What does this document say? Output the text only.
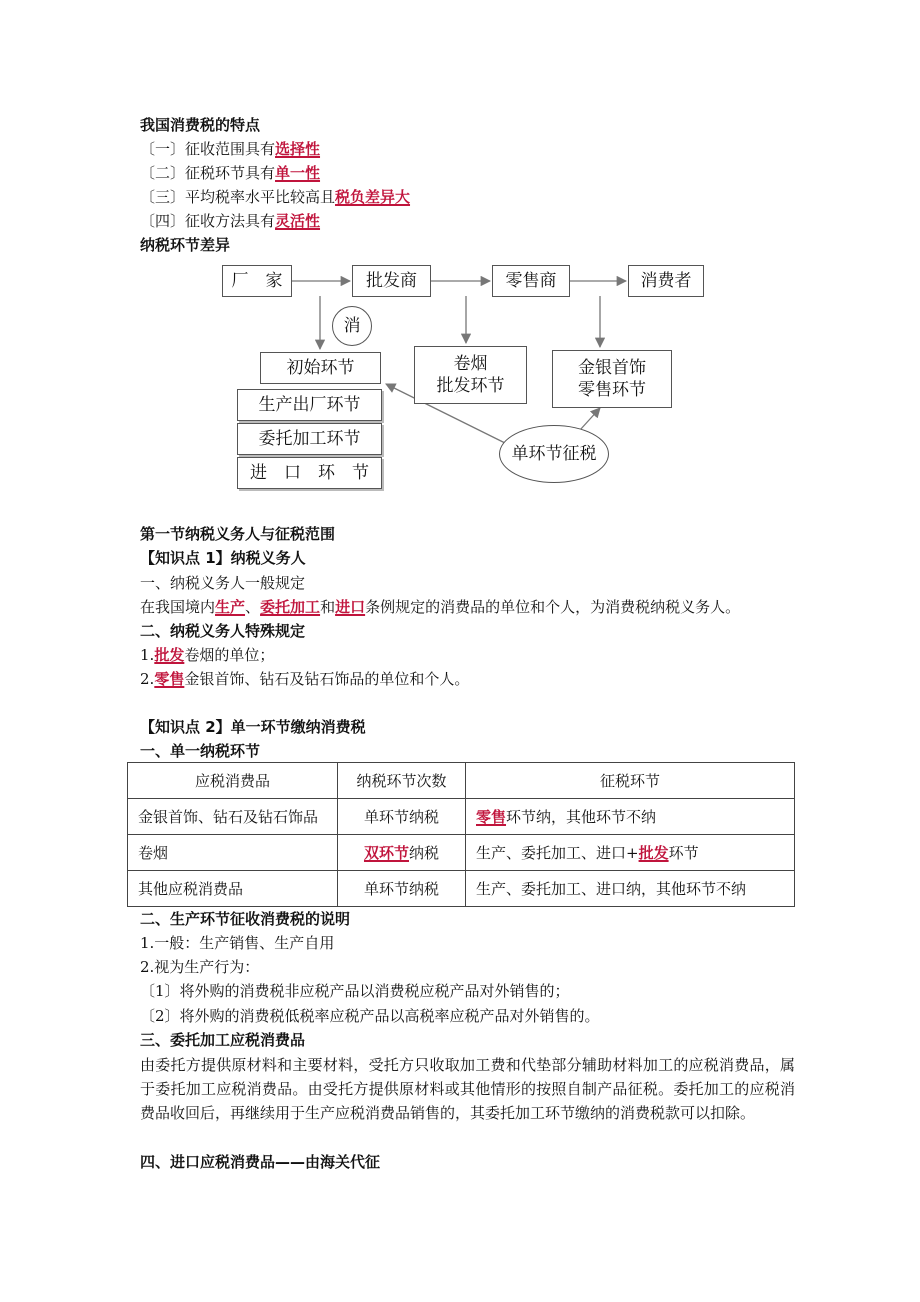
我国消费税的特点
〔一〕征收范围具有选择性
〔二〕征税环节具有单一性
〔三〕平均税率水平比较高且税负差异大
〔四〕征收方法具有灵活性
纳税环节差异
厂　家	批发商	零售商	消费者
消
初始环节
生产出厂环节
委托加工环节
进　口　环　节
卷烟
批发环节
金银首饰
零售环节
单环节征税
第一节纳税义务人与征税范围
【知识点 1】纳税义务人
一、纳税义务人一般规定
在我国境内生产、委托加工和进口条例规定的消费品的单位和个人，为消费税纳税义务人。
二、纳税义务人特殊规定
1.批发卷烟的单位；
2.零售金银首饰、钻石及钻石饰品的单位和个人。
【知识点 2】单一环节缴纳消费税
一、单一纳税环节
应税消费品	纳税环节次数	征税环节
金银首饰、钻石及钻石饰品	单环节纳税	零售环节纳，其他环节不纳
卷烟	双环节纳税	生产、委托加工、进口+批发环节
其他应税消费品	单环节纳税	生产、委托加工、进口纳，其他环节不纳
二、生产环节征收消费税的说明
1.一般：生产销售、生产自用
2.视为生产行为：
〔1〕将外购的消费税非应税产品以消费税应税产品对外销售的；
〔2〕将外购的消费税低税率应税产品以高税率应税产品对外销售的。
三、委托加工应税消费品
由委托方提供原材料和主要材料，受托方只收取加工费和代垫部分辅助材料加工的应税消费品，属于委托加工应税消费品。由受托方提供原材料或其他情形的按照自制产品征税。委托加工的应税消费品收回后，再继续用于生产应税消费品销售的，其委托加工环节缴纳的消费税款可以扣除。
四、进口应税消费品——由海关代征
